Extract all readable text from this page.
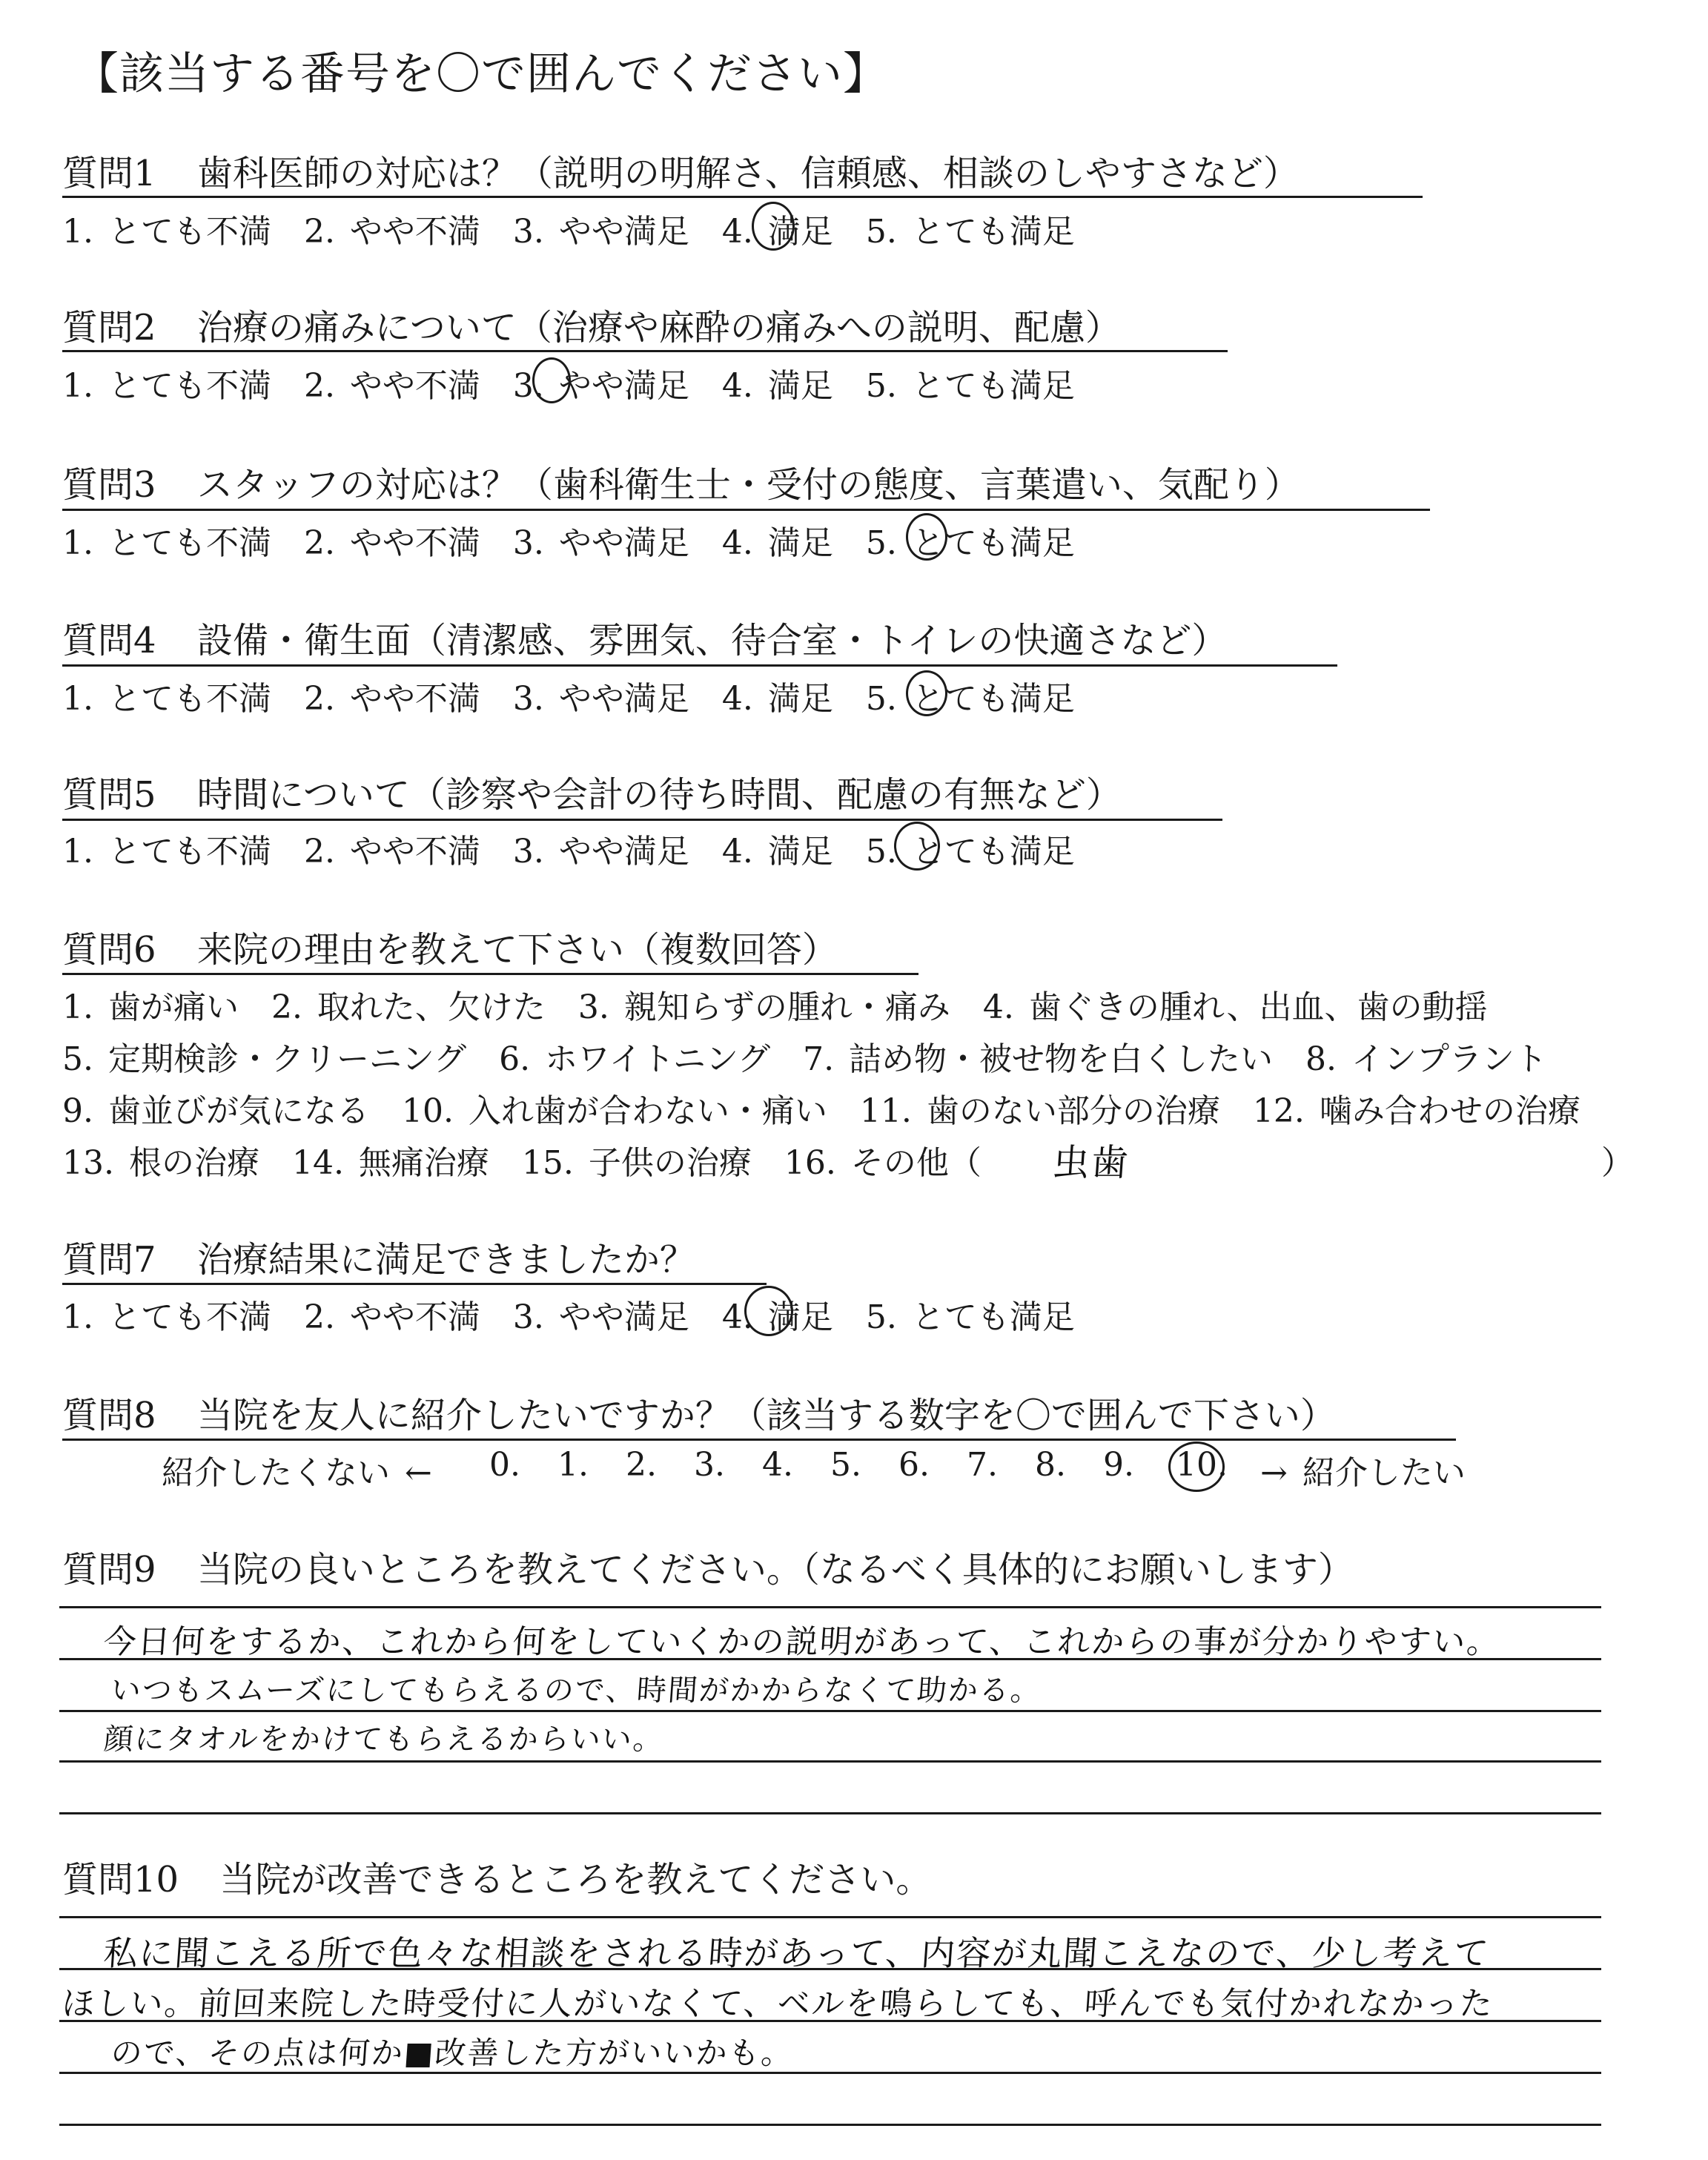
【該当する番号を〇で囲んでください】
質問1 歯科医師の対応は？（説明の明解さ、信頼感、相談のしやすさなど）
1. とても不満　2. やや不満　3. やや満足　4. 満足　5. とても満足
質問2 治療の痛みについて（治療や麻酔の痛みへの説明、配慮）
1. とても不満　2. やや不満　3. やや満足　4. 満足　5. とても満足
質問3 スタッフの対応は？（歯科衛生士・受付の態度、言葉遣い、気配り）
1. とても不満　2. やや不満　3. やや満足　4. 満足　5. とても満足
質問4 設備・衛生面（清潔感、雰囲気、待合室・トイレの快適さなど）
1. とても不満　2. やや不満　3. やや満足　4. 満足　5. とても満足
質問5 時間について（診察や会計の待ち時間、配慮の有無など）
1. とても不満　2. やや不満　3. やや満足　4. 満足　5. とても満足
質問6 来院の理由を教えて下さい（複数回答）
1. 歯が痛い　2. 取れた、欠けた　3. 親知らずの腫れ・痛み　4. 歯ぐきの腫れ、出血、歯の動揺
5. 定期検診・クリーニング　6. ホワイトニング　7. 詰め物・被せ物を白くしたい　8. インプラント
9. 歯並びが気になる　10. 入れ歯が合わない・痛い　11. 歯のない部分の治療　12. 噛み合わせの治療
13. 根の治療　14. 無痛治療　15. 子供の治療　16. その他（ 虫歯	）
質問7 治療結果に満足できましたか？
1. とても不満　2. やや不満　3. やや満足　4. 満足　5. とても満足
質問8 当院を友人に紹介したいですか？（該当する数字を〇で囲んで下さい）
紹介したくない ← 0. 1. 2. 3. 4. 5. 6. 7. 8. 9. 10. → 紹介したい
質問9 当院の良いところを教えてください。（なるべく具体的にお願いします）
今日何をするか、これから何をしていくかの説明があって、これからの事が分かりやすい。
いつもスムーズにしてもらえるので、時間がかからなくて助かる。
顔にタオルをかけてもらえるからいい。
質問10 当院が改善できるところを教えてください。
私に聞こえる所で色々な相談をされる時があって、内容が丸聞こえなので、少し考えて
ほしい。前回来院した時受付に人がいなくて、ベルを鳴らしても、呼んでも気付かれなかった
ので、その点は何か■改善した方がいいかも。
